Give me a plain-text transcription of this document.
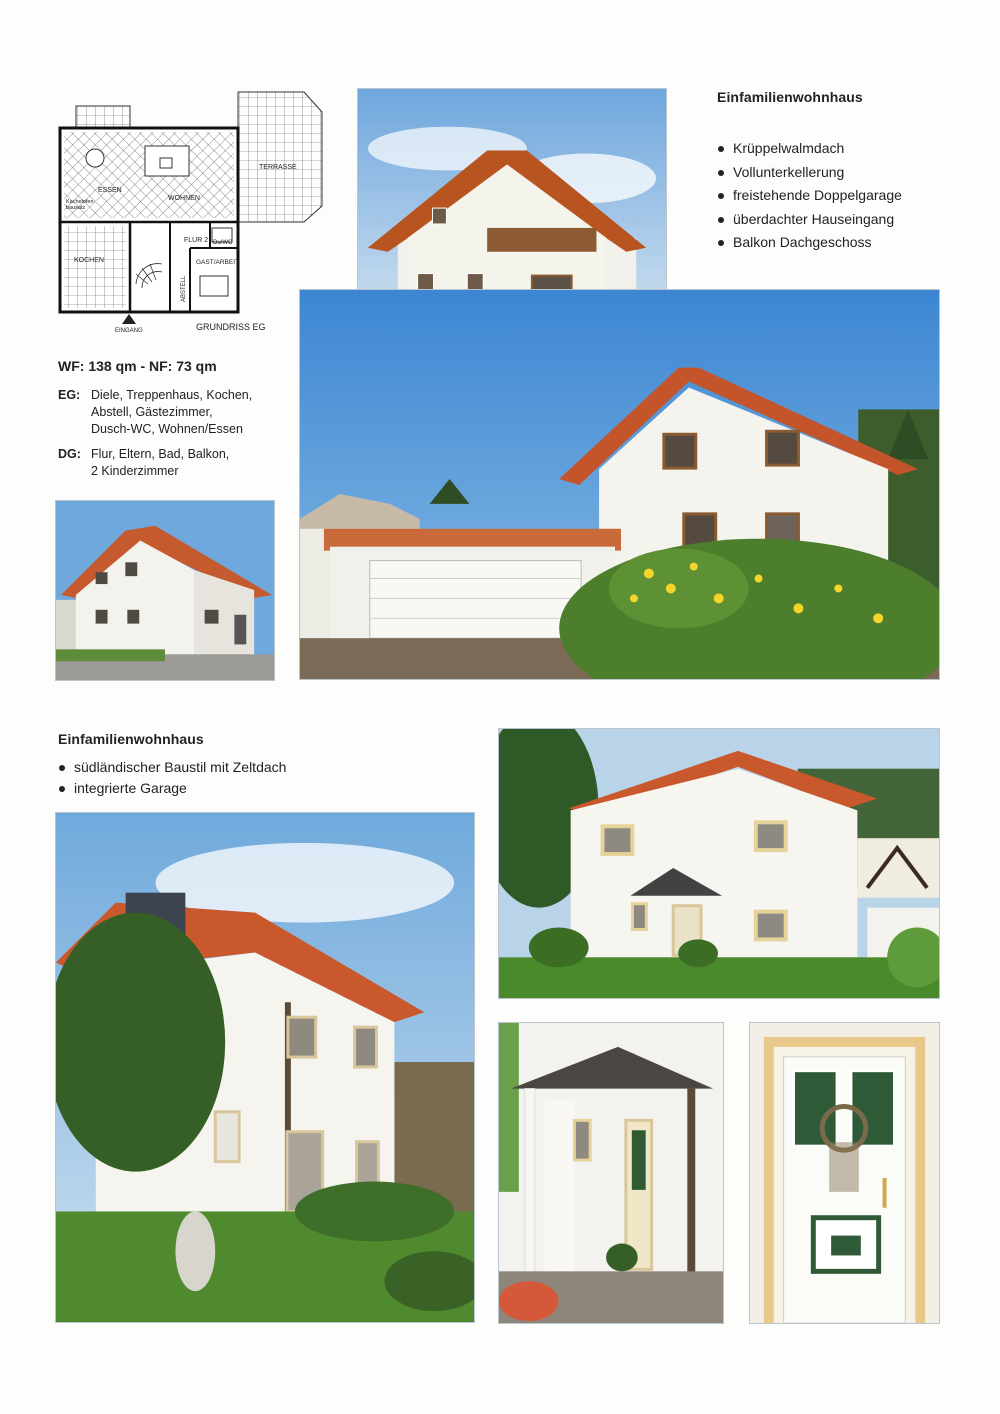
ESSEN
WOHNEN
TERRASSE
Kachelofen
bausatz
KOCHEN
FLUR 2 Du/WC
ABSTELL
GAST/ARBEIT
EINGANG	GRUNDRISS EG
WF: 138 qm - NF: 73 qm
EG: Diele, Treppenhaus, Kochen,
Abstell, Gästezimmer,
Dusch-WC, Wohnen/Essen
DG: Flur, Eltern, Bad, Balkon,
2 Kinderzimmer
Einfamilienwohnhaus
Krüppelwalmdach
Vollunterkellerung
freistehende Doppelgarage
überdachter Hauseingang
Balkon Dachgeschoss
Einfamilienwohnhaus
südländischer Baustil mit Zeltdach
integrierte Garage
